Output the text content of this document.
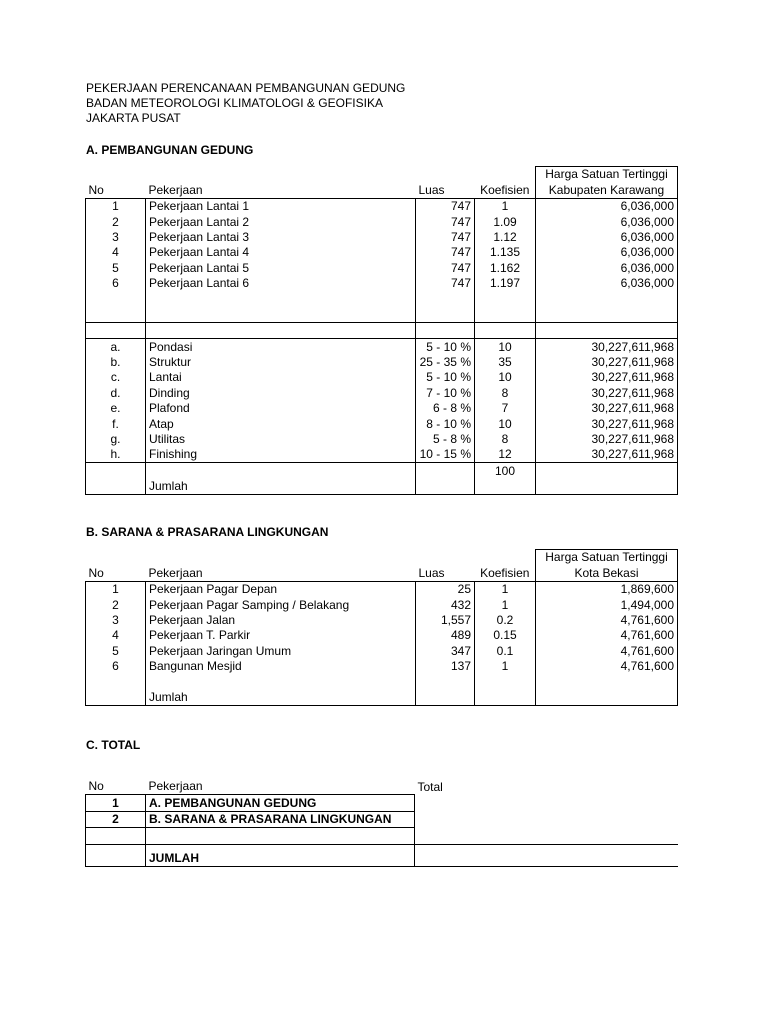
PEKERJAAN PERENCANAAN PEMBANGUNAN GEDUNG
BADAN METEOROLOGI KLIMATOLOGI & GEOFISIKA
JAKARTA PUSAT
A. PEMBANGUNAN GEDUNG
				Harga Satuan Tertinggi
No	Pekerjaan	Luas	Koefisien	Kabupaten Karawang
1	Pekerjaan Lantai 1	747	1	6,036,000
2	Pekerjaan Lantai 2	747	1.09	6,036,000
3	Pekerjaan Lantai 3	747	1.12	6,036,000
4	Pekerjaan Lantai 4	747	1.135	6,036,000
5	Pekerjaan Lantai 5	747	1.162	6,036,000
6	Pekerjaan Lantai 6	747	1.197	6,036,000

a.	Pondasi	5 - 10 %	10	30,227,611,968
b.	Struktur	25 - 35 %	35	30,227,611,968
c.	Lantai	5 - 10 %	10	30,227,611,968
d.	Dinding	7 - 10 %	8	30,227,611,968
e.	Plafond	6 - 8 %	7	30,227,611,968
f.	Atap	8 - 10 %	10	30,227,611,968
g.	Utilitas	5 - 8 %	8	30,227,611,968
h.	Finishing	10 - 15 %	12	30,227,611,968
			100	
	Jumlah			
B. SARANA & PRASARANA LINGKUNGAN
				Harga Satuan Tertinggi
No	Pekerjaan	Luas	Koefisien	Kota Bekasi
1	Pekerjaan Pagar Depan	25	1	1,869,600
2	Pekerjaan Pagar Samping / Belakang	432	1	1,494,000
3	Pekerjaan Jalan	1,557	0.2	4,761,600
4	Pekerjaan T. Parkir	489	0.15	4,761,600
5	Pekerjaan Jaringan Umum	347	0.1	4,761,600
6	Bangunan Mesjid	137	1	4,761,600

	Jumlah			
C. TOTAL
No	Pekerjaan	Total
1	A. PEMBANGUNAN GEDUNG	
2	B. SARANA & PRASARANA LINGKUNGAN	

	JUMLAH	
